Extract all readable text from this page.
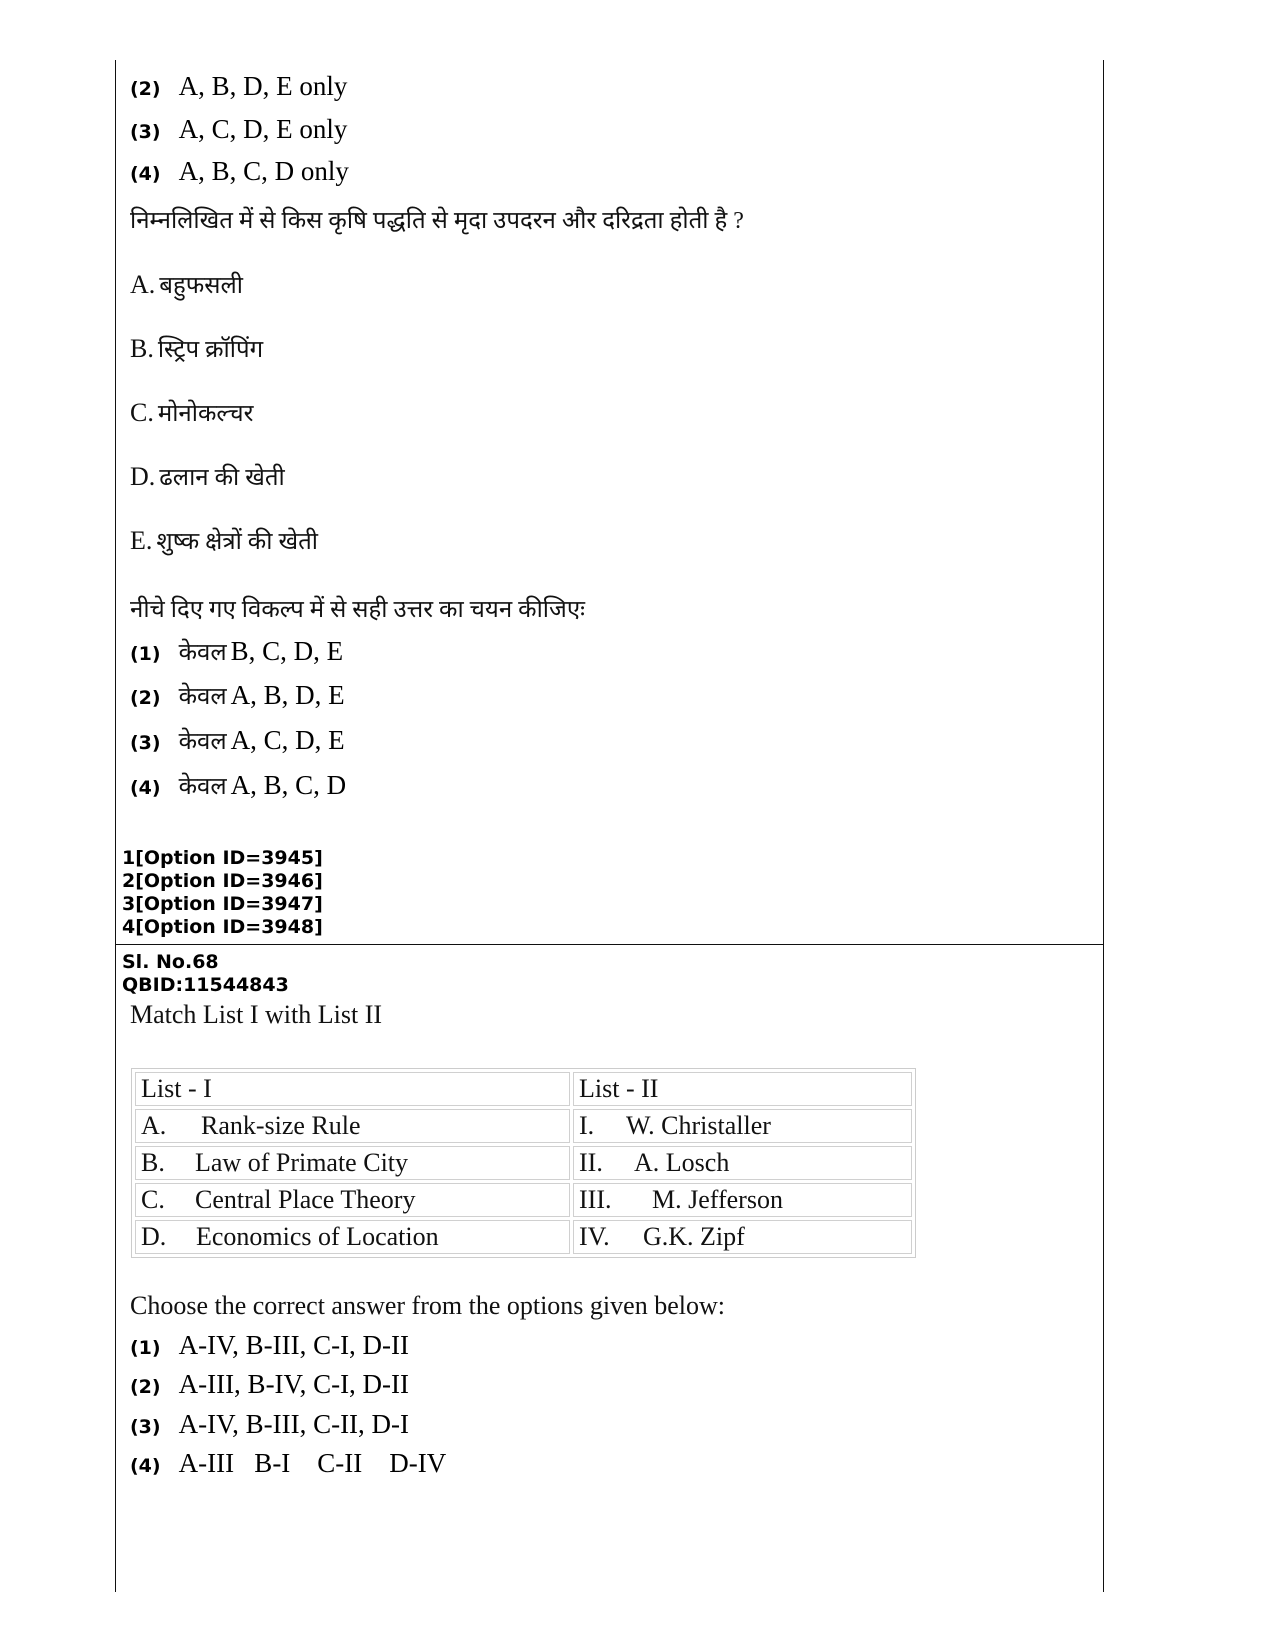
(2) A, B, D, E only
(3) A, C, D, E only
(4) A, B, C, D only
निम्नलिखित में से किस कृषि पद्धति से मृदा उपदरन और दरिद्रता होती है ?
A. बहुफसली
B. स्ट्रिप क्रॉपिंग
C. मोनोकल्चर
D. ढलान की खेती
E. शुष्क क्षेत्रों की खेती
नीचे दिए गए विकल्प में से सही उत्तर का चयन कीजिएः
(1) केवल B, C, D, E
(2) केवल A, B, D, E
(3) केवल A, C, D, E
(4) केवल A, B, C, D
1[Option ID=3945]
2[Option ID=3946]
3[Option ID=3947]
4[Option ID=3948]
Sl. No.68
QBID:11544843
Match List I with List II
List - I	List - II
A. Rank-size Rule	I. W. Christaller
B. Law of Primate City	II. A. Losch
C. Central Place Theory	III. M. Jefferson
D. Economics of Location	IV. G.K. Zipf
Choose the correct answer from the options given below:
(1) A-IV, B-III, C-I, D-II
(2) A-III, B-IV, C-I, D-II
(3) A-IV, B-III, C-II, D-I
(4) A-III   B-I    C-II    D-IV
